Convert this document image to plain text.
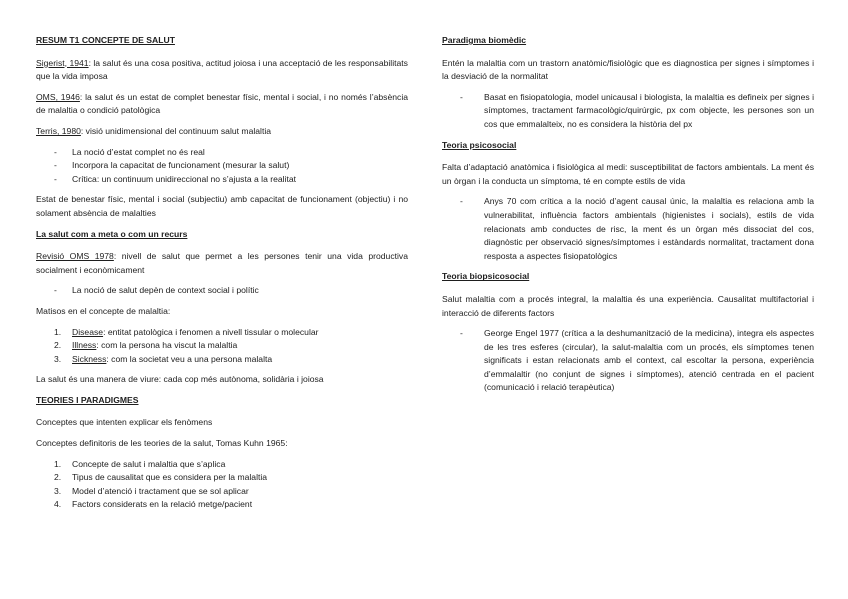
RESUM T1 CONCEPTE DE SALUT

Sigerist, 1941: la salut és una cosa positiva, actitud joiosa i una acceptació de les responsabilitats que la vida imposa

OMS, 1946: la salut és un estat de complet benestar físic, mental i social, i no només l’absència de malaltia o condició patològica

Terris, 1980: visió unidimensional del continuum salut malaltia

- La noció d’estat complet no és real
- Incorpora la capacitat de funcionament (mesurar la salut)
- Crítica: un continuum unidireccional no s’ajusta a la realitat

Estat de benestar físic, mental i social (subjectiu) amb capacitat de funcionament (objectiu) i no solament absència de malalties

La salut com a meta o com un recurs

Revisió OMS 1978: nivell de salut que permet a les persones tenir una vida productiva socialment i econòmicament

- La noció de salut depèn de context social i polític

Matisos en el concepte de malaltia:

1. Disease: entitat patològica i fenomen a nivell tissular o molecular
2. Illness: com la persona ha viscut la malaltia
3. Sickness: com la societat veu a una persona malalta

La salut és una manera de viure: cada cop més autònoma, solidària i joiosa

TEORIES I PARADIGMES

Conceptes que intenten explicar els fenòmens

Conceptes definitoris de les teories de la salut, Tomas Kuhn 1965:

1. Concepte de salut i malaltia que s’aplica
2. Tipus de causalitat que es considera per la malaltia
3. Model d’atenció i tractament que se sol aplicar
4. Factors considerats en la relació metge/pacient

Paradigma biomèdic

Entén la malaltia com un trastorn anatòmic/fisiològic que es diagnostica per signes i símptomes i la desviació de la normalitat

- Basat en fisiopatologia, model unicausal i biologista, la malaltia es defineix per signes i símptomes, tractament farmacològic/quirúrgic, px com objecte, les persones son un cos que emmalalteix, no es considera la història del px

Teoria psicosocial

Falta d’adaptació anatòmica i fisiològica al medi: susceptibilitat de factors ambientals. La ment és un òrgan i la conducta un símptoma, té en compte estils de vida

- Anys 70 com crítica a la noció d’agent causal únic, la malaltia es relaciona amb la vulnerabilitat, influència factors ambientals (higienistes i socials), estils de vida relacionats amb conductes de risc, la ment és un òrgan més dissociat del cos, diagnòstic per observació signes/símptomes i estàndards normalitat, tractament dona resposta a aspectes fisiopatològics

Teoria biopsicosocial

Salut malaltia com a procés integral, la malaltia és una experiència. Causalitat multifactorial i interacció de diferents factors

- George Engel 1977 (crítica a la deshumanització de la medicina), integra els aspectes de les tres esferes (circular), la salut-malaltia com un procés, els símptomes tenen significats i estan relacionats amb el context, cal escoltar la persona, experiència d’emmalaltir (no conjunt de signes i símptomes), atenció centrada en el pacient (comunicació i relació terapèutica)
